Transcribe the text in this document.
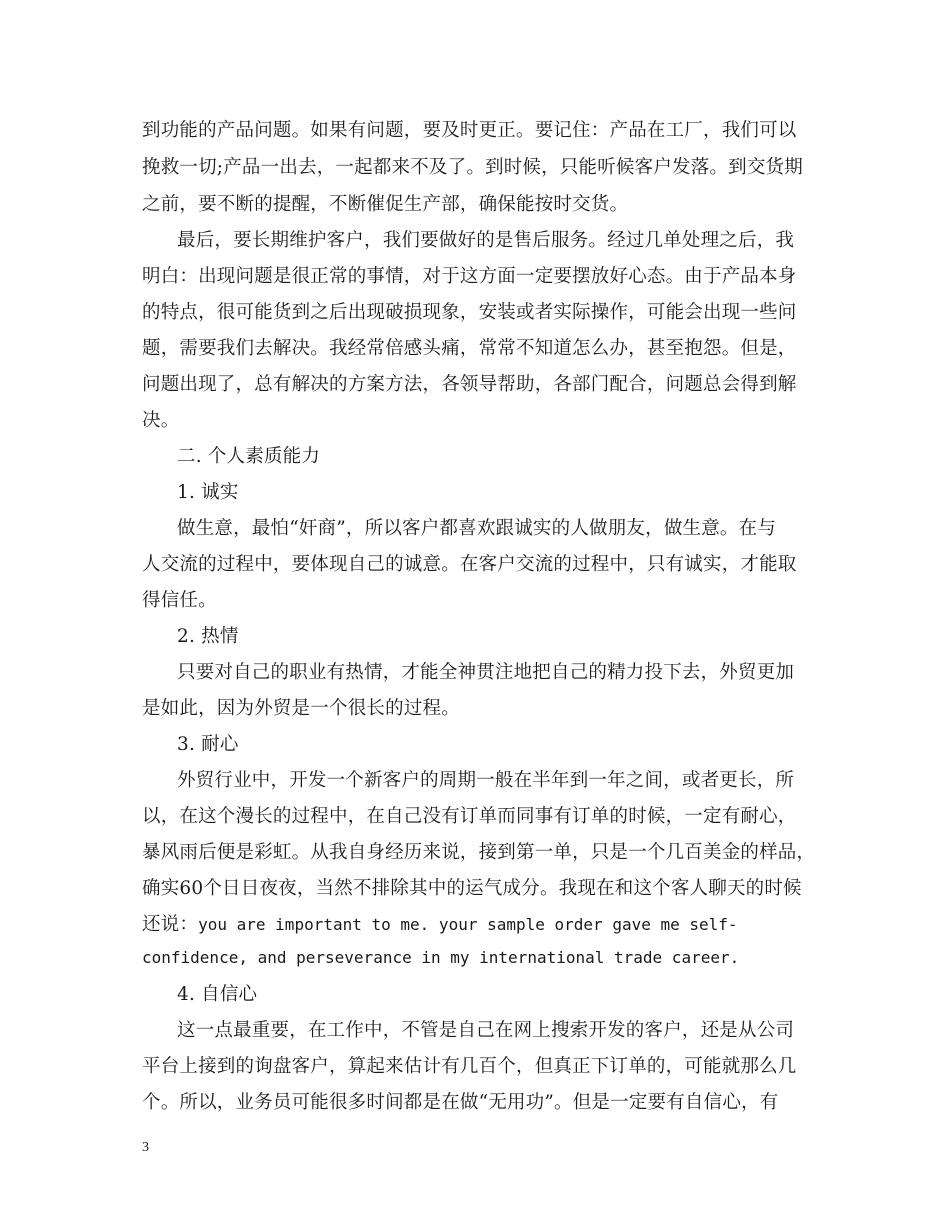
到功能的产品问题。如果有问题，要及时更正。要记住：产品在工厂，我们可以
挽救一切;产品一出去，一起都来不及了。到时候，只能听候客户发落。到交货期
之前，要不断的提醒，不断催促生产部，确保能按时交货。
最后，要长期维护客户，我们要做好的是售后服务。经过几单处理之后，我
明白：出现问题是很正常的事情，对于这方面一定要摆放好心态。由于产品本身
的特点，很可能货到之后出现破损现象，安装或者实际操作，可能会出现一些问
题，需要我们去解决。我经常倍感头痛，常常不知道怎么办，甚至抱怨。但是，
问题出现了，总有解决的方案方法，各领导帮助，各部门配合，问题总会得到解
决。
二. 个人素质能力
1. 诚实
做生意，最怕“奸商”，所以客户都喜欢跟诚实的人做朋友，做生意。在与
人交流的过程中，要体现自己的诚意。在客户交流的过程中，只有诚实，才能取
得信任。
2. 热情
只要对自己的职业有热情，才能全神贯注地把自己的精力投下去，外贸更加
是如此，因为外贸是一个很长的过程。
3. 耐心
外贸行业中，开发一个新客户的周期一般在半年到一年之间，或者更长，所
以，在这个漫长的过程中，在自己没有订单而同事有订单的时候，一定有耐心，
暴风雨后便是彩虹。从我自身经历来说，接到第一单，只是一个几百美金的样品，
确实60个日日夜夜，当然不排除其中的运气成分。我现在和这个客人聊天的时候
还说：you are important to me. your sample order gave me self-
confidence, and perseverance in my international trade career.
4. 自信心
这一点最重要，在工作中，不管是自己在网上搜索开发的客户，还是从公司
平台上接到的询盘客户，算起来估计有几百个，但真正下订单的，可能就那么几
个。所以，业务员可能很多时间都是在做“无用功”。但是一定要有自信心，有
3
